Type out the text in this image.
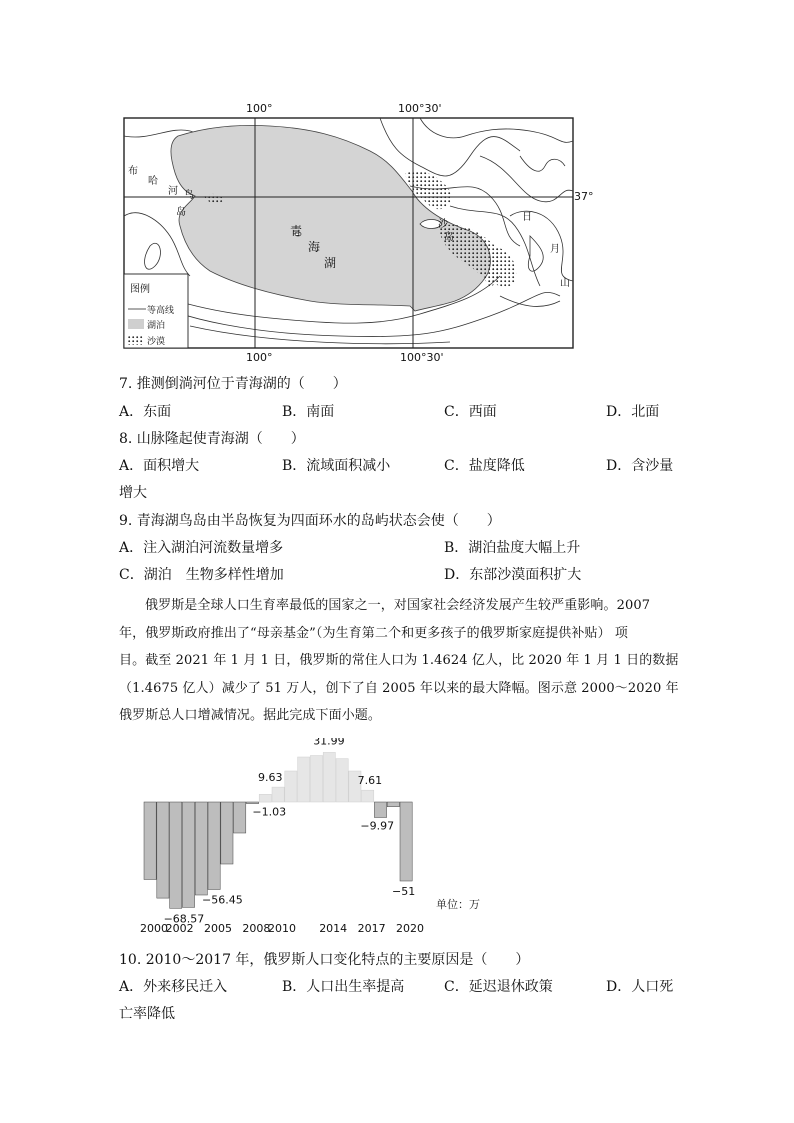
100°	100°30'
100°	100°30'
37°
青
海
湖
布
哈
河 鸟
岛
沙
岛
日
月
山
图例
等高线
湖泊
沙漠
7. 推测倒淌河位于青海湖的（　　）
A．东面	B．南面	C．西面	D．北面
8. 山脉隆起使青海湖（　　）
A．面积增大	B．流域面积减小	C．盐度降低	D．含沙量
增大
9. 青海湖鸟岛由半岛恢复为四面环水的岛屿状态会使（　　）
A．注入湖泊河流数量增多	B．湖泊盐度大幅上升
C．湖泊　生物多样性增加	D．东部沙漠面积扩大
俄罗斯是全球人口生育率最低的国家之一，对国家社会经济发展产生较严重影响。2007
年，俄罗斯政府推出了“母亲基金”（为生育第二个和更多孩子的俄罗斯家庭提供补贴） 项
目。截至 2021 年 1 月 1 日，俄罗斯的常住人口为 1.4624 亿人，比 2020 年 1 月 1 日的数据
（1.4675 亿人）减少了 51 万人，创下了自 2005 年以来的最大降幅。图示意 2000～2020 年
俄罗斯总人口增减情况。据此完成下面小题。
−68.57
−56.45
−1.03
9.63
31.99
7.61
−9.97
−51
2000
2002 2005 2008
2010 2014 2017 2020
单位：万
10. 2010～2017 年，俄罗斯人口变化特点的主要原因是（　　）
A．外来移民迁入	B．人口出生率提高	C．延迟退休政策	D．人口死
亡率降低
